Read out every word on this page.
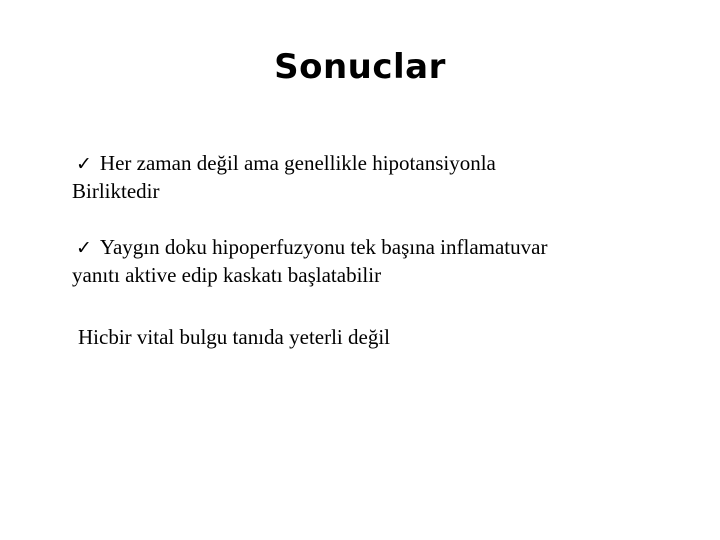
Sonuclar

✓ Her zaman değil ama genellikle hipotansiyonla
Birliktedir

✓ Yaygın doku hipoperfuzyonu tek başına inflamatuvar
yanıtı aktive edip kaskatı başlatabilir

Hicbir vital bulgu tanıda yeterli değil
